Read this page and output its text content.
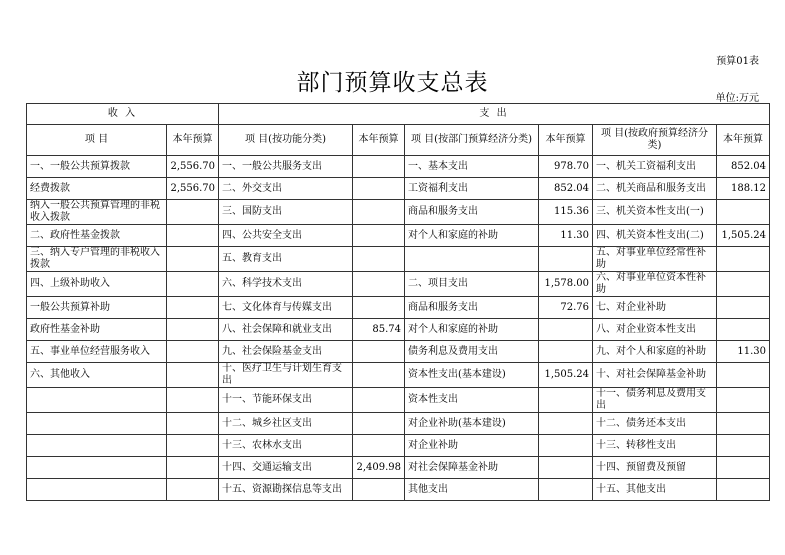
预算01表
部门预算收支总表
单位:万元
收 入		支 出					
项 目	本年预算	项 目(按功能分类)	本年预算	项 目(按部门预算经济分类)	本年预算	项 目(按政府预算经济分类)	本年预算
一、一般公共预算拨款	2,556.70	一、一般公共服务支出		一、基本支出	978.70	一、机关工资福利支出	852.04
经费拨款	2,556.70	二、外交支出		工资福利支出	852.04	二、机关商品和服务支出	188.12
纳入一般公共预算管理的非税收入拨款		三、国防支出		商品和服务支出	115.36	三、机关资本性支出(一)	
二、政府性基金拨款		四、公共安全支出		对个人和家庭的补助	11.30	四、机关资本性支出(二)	1,505.24
三、纳入专户管理的非税收入拨款		五、教育支出				五、对事业单位经常性补助	
四、上级补助收入		六、科学技术支出		二、项目支出	1,578.00	六、对事业单位资本性补助	
一般公共预算补助		七、文化体育与传媒支出		商品和服务支出	72.76	七、对企业补助	
政府性基金补助		八、社会保障和就业支出	85.74	对个人和家庭的补助		八、对企业资本性支出	
五、事业单位经营服务收入		九、社会保险基金支出		债务利息及费用支出		九、对个人和家庭的补助	11.30
六、其他收入		十、医疗卫生与计划生育支出		资本性支出(基本建设)	1,505.24	十、对社会保障基金补助	
		十一、节能环保支出		资本性支出		十一、债务利息及费用支出	
		十二、城乡社区支出		对企业补助(基本建设)		十二、债务还本支出	
		十三、农林水支出		对企业补助		十三、转移性支出	
		十四、交通运输支出	2,409.98	对社会保障基金补助		十四、预留费及预留	
		十五、资源勘探信息等支出		其他支出		十五、其他支出	
